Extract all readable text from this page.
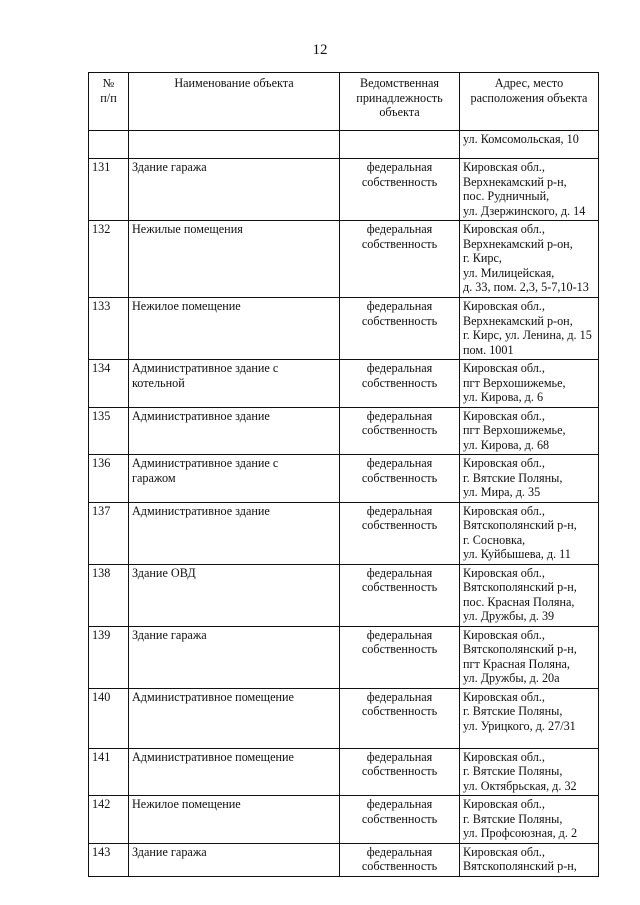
12
№
п/п	Наименование объекта	Ведомственная
принадлежность
объекта	Адрес, место
расположения объекта

			ул. Комсомольская, 10

131	Здание гаража	федеральная
собственность	Кировская обл.,
Верхнекамский р-н,
пос. Рудничный,
ул. Дзержинского, д. 14

132	Нежилые помещения	федеральная
собственность	Кировская обл.,
Верхнекамский р-он,
г. Кирс,
ул. Милицейская,
д. 33, пом. 2,3, 5-7,10-13

133	Нежилое помещение	федеральная
собственность	Кировская обл.,
Верхнекамский р-он,
г. Кирс, ул. Ленина, д. 15
пом. 1001

134	Административное здание с
котельной	федеральная
собственность	Кировская обл.,
пгт Верхошижемье,
ул. Кирова, д. 6

135	Административное здание	федеральная
собственность	Кировская обл.,
пгт Верхошижемье,
ул. Кирова, д. 68

136	Административное здание с
гаражом	федеральная
собственность	Кировская обл.,
г. Вятские Поляны,
ул. Мира, д. 35

137	Административное здание	федеральная
собственность	Кировская обл.,
Вятскополянский р-н,
г. Сосновка,
ул. Куйбышева, д. 11

138	Здание ОВД	федеральная
собственность	Кировская обл.,
Вятскополянский р-н,
пос. Красная Поляна,
ул. Дружбы, д. 39

139	Здание гаража	федеральная
собственность	Кировская обл.,
Вятскополянский р-н,
пгт Красная Поляна,
ул. Дружбы, д. 20а

140	Административное помещение	федеральная
собственность	Кировская обл.,
г. Вятские Поляны,
ул. Урицкого, д. 27/31

141	Административное помещение	федеральная
собственность	Кировская обл.,
г. Вятские Поляны,
ул. Октябрьская, д. 32

142	Нежилое помещение	федеральная
собственность	Кировская обл.,
г. Вятские Поляны,
ул. Профсоюзная, д. 2

143	Здание гаража	федеральная
собственность	Кировская обл.,
Вятскополянский р-н,
